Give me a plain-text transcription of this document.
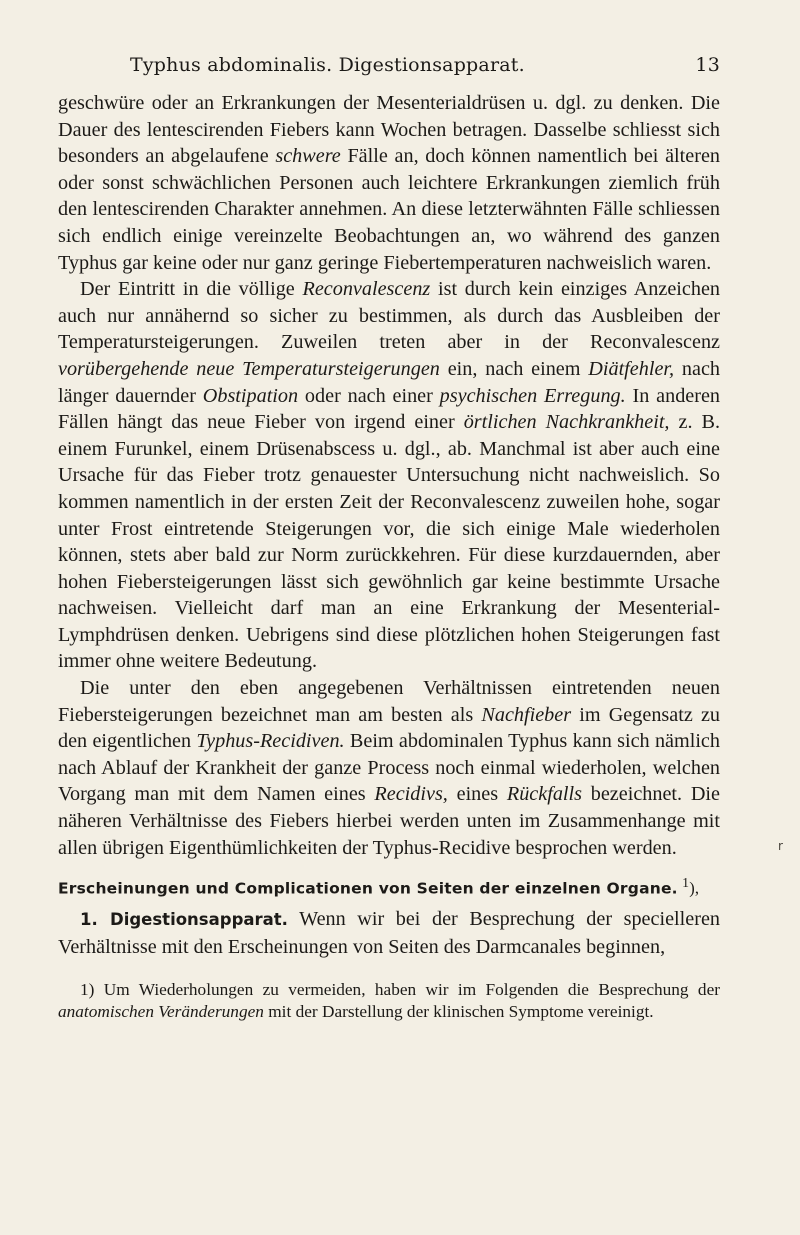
Typhus abdominalis. Digestionsapparat.	13

geschwüre oder an Erkrankungen der Mesenterialdrüsen u. dgl. zu denken. Die Dauer des lentescirenden Fiebers kann Wochen betragen. Dasselbe schliesst sich besonders an abgelaufene schwere Fälle an, doch können namentlich bei älteren oder sonst schwächlichen Personen auch leichtere Erkrankungen ziemlich früh den lentescirenden Charakter annehmen. An diese letzterwähnten Fälle schliessen sich endlich einige vereinzelte Beobachtungen an, wo während des ganzen Typhus gar keine oder nur ganz geringe Fiebertemperaturen nachweislich waren.

Der Eintritt in die völlige Reconvalescenz ist durch kein einziges Anzeichen auch nur annähernd so sicher zu bestimmen, als durch das Ausbleiben der Temperatursteigerungen. Zuweilen treten aber in der Reconvalescenz vorübergehende neue Temperatursteigerungen ein, nach einem Diätfehler, nach länger dauernder Obstipation oder nach einer psychischen Erregung. In anderen Fällen hängt das neue Fieber von irgend einer örtlichen Nachkrankheit, z. B. einem Furunkel, einem Drüsenabscess u. dgl., ab. Manchmal ist aber auch eine Ursache für das Fieber trotz genauester Untersuchung nicht nachweislich. So kommen namentlich in der ersten Zeit der Reconvalescenz zuweilen hohe, sogar unter Frost eintretende Steigerungen vor, die sich einige Male wiederholen können, stets aber bald zur Norm zurückkehren. Für diese kurzdauernden, aber hohen Fiebersteigerungen lässt sich gewöhnlich gar keine bestimmte Ursache nachweisen. Vielleicht darf man an eine Erkrankung der Mesenterial-Lymphdrüsen denken. Uebrigens sind diese plötzlichen hohen Steigerungen fast immer ohne weitere Bedeutung.

Die unter den eben angegebenen Verhältnissen eintretenden neuen Fiebersteigerungen bezeichnet man am besten als Nachfieber im Gegensatz zu den eigentlichen Typhus-Recidiven. Beim abdominalen Typhus kann sich nämlich nach Ablauf der Krankheit der ganze Process noch einmal wiederholen, welchen Vorgang man mit dem Namen eines Recidivs, eines Rückfalls bezeichnet. Die näheren Verhältnisse des Fiebers hierbei werden unten im Zusammenhange mit allen übrigen Eigenthümlichkeiten der Typhus-Recidive besprochen werden.

Erscheinungen und Complicationen von Seiten der einzelnen Organe. $^1$),

1. Digestionsapparat. Wenn wir bei der Besprechung der specielleren Verhältnisse mit den Erscheinungen von Seiten des Darmcanales beginnen,

1) Um Wiederholungen zu vermeiden, haben wir im Folgenden die Besprechung der anatomischen Veränderungen mit der Darstellung der klinischen Symptome vereinigt.

r
